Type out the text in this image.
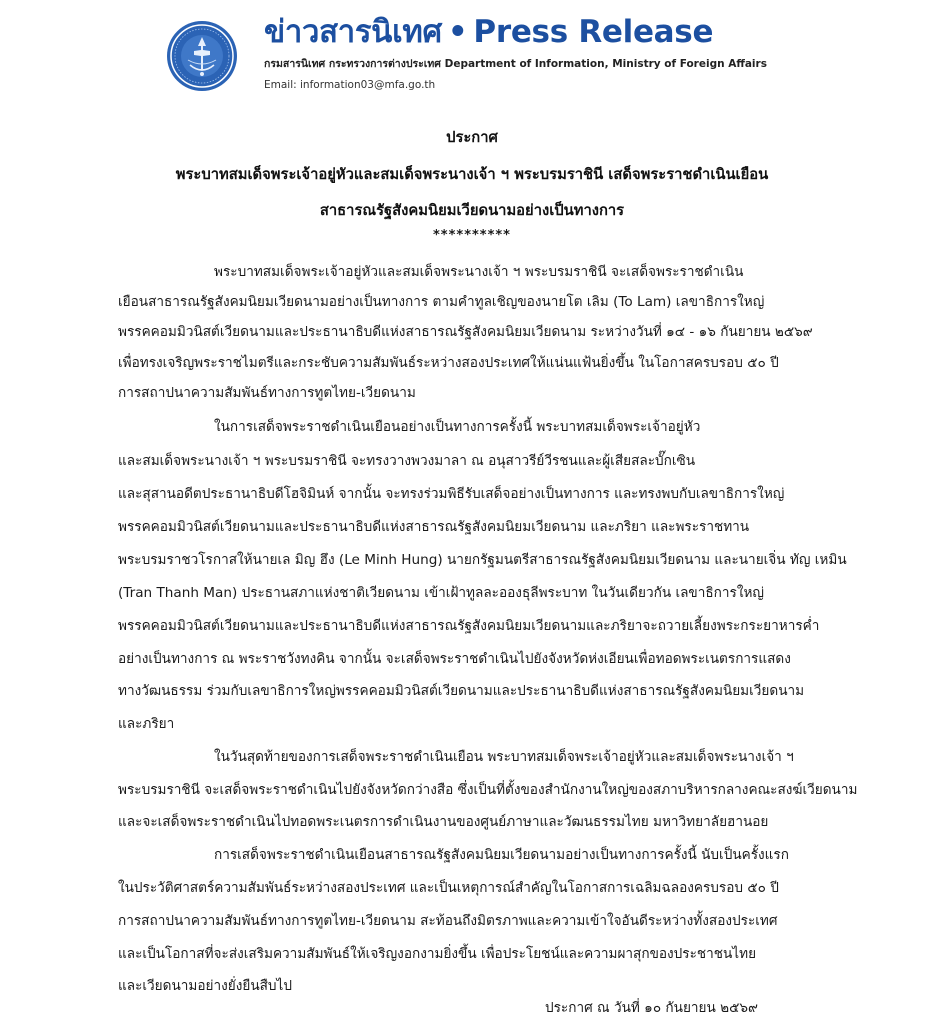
ข่าวสารนิเทศ • Press Release
กรมสารนิเทศ กระทรวงการต่างประเทศ Department of Information, Ministry of Foreign Affairs
Email: information03@mfa.go.th
ประกาศ
พระบาทสมเด็จพระเจ้าอยู่หัวและสมเด็จพระนางเจ้า ฯ พระบรมราชินี เสด็จพระราชดำเนินเยือน
สาธารณรัฐสังคมนิยมเวียดนามอย่างเป็นทางการ
**********
พระบาทสมเด็จพระเจ้าอยู่หัวและสมเด็จพระนางเจ้า ฯ พระบรมราชินี จะเสด็จพระราชดำเนิน
เยือนสาธารณรัฐสังคมนิยมเวียดนามอย่างเป็นทางการ ตามคำทูลเชิญของนายโต เลิม (To Lam) เลขาธิการใหญ่
พรรคคอมมิวนิสต์เวียดนามและประธานาธิบดีแห่งสาธารณรัฐสังคมนิยมเวียดนาม ระหว่างวันที่ ๑๔ - ๑๖ กันยายน ๒๕๖๙
เพื่อทรงเจริญพระราชไมตรีและกระชับความสัมพันธ์ระหว่างสองประเทศให้แน่นแฟ้นยิ่งขึ้น ในโอกาสครบรอบ ๕๐ ปี
การสถาปนาความสัมพันธ์ทางการทูตไทย-เวียดนาม
ในการเสด็จพระราชดำเนินเยือนอย่างเป็นทางการครั้งนี้ พระบาทสมเด็จพระเจ้าอยู่หัว
และสมเด็จพระนางเจ้า ฯ พระบรมราชินี จะทรงวางพวงมาลา ณ อนุสาวรีย์วีรชนและผู้เสียสละบั๊กเซิน
และสุสานอดีตประธานาธิบดีโฮจิมินห์ จากนั้น จะทรงร่วมพิธีรับเสด็จอย่างเป็นทางการ และทรงพบกับเลขาธิการใหญ่
พรรคคอมมิวนิสต์เวียดนามและประธานาธิบดีแห่งสาธารณรัฐสังคมนิยมเวียดนาม และภริยา และพระราชทาน
พระบรมราชวโรกาสให้นายเล มิญ ฮึง (Le Minh Hung) นายกรัฐมนตรีสาธารณรัฐสังคมนิยมเวียดนาม และนายเจิ่น ทัญ เหมิน
(Tran Thanh Man) ประธานสภาแห่งชาติเวียดนาม เข้าเฝ้าทูลละอองธุลีพระบาท ในวันเดียวกัน เลขาธิการใหญ่
พรรคคอมมิวนิสต์เวียดนามและประธานาธิบดีแห่งสาธารณรัฐสังคมนิยมเวียดนามและภริยาจะถวายเลี้ยงพระกระยาหารค่ำ
อย่างเป็นทางการ ณ พระราชวังทงคิน จากนั้น จะเสด็จพระราชดำเนินไปยังจังหวัดห่งเอียนเพื่อทอดพระเนตรการแสดง
ทางวัฒนธรรม ร่วมกับเลขาธิการใหญ่พรรคคอมมิวนิสต์เวียดนามและประธานาธิบดีแห่งสาธารณรัฐสังคมนิยมเวียดนาม
และภริยา
ในวันสุดท้ายของการเสด็จพระราชดำเนินเยือน พระบาทสมเด็จพระเจ้าอยู่หัวและสมเด็จพระนางเจ้า ฯ
พระบรมราชินี จะเสด็จพระราชดำเนินไปยังจังหวัดกว่างสือ ซึ่งเป็นที่ตั้งของสำนักงานใหญ่ของสภาบริหารกลางคณะสงฆ์เวียดนาม
และจะเสด็จพระราชดำเนินไปทอดพระเนตรการดำเนินงานของศูนย์ภาษาและวัฒนธรรมไทย มหาวิทยาลัยฮานอย
การเสด็จพระราชดำเนินเยือนสาธารณรัฐสังคมนิยมเวียดนามอย่างเป็นทางการครั้งนี้ นับเป็นครั้งแรก
ในประวัติศาสตร์ความสัมพันธ์ระหว่างสองประเทศ และเป็นเหตุการณ์สำคัญในโอกาสการเฉลิมฉลองครบรอบ ๕๐ ปี
การสถาปนาความสัมพันธ์ทางการทูตไทย-เวียดนาม สะท้อนถึงมิตรภาพและความเข้าใจอันดีระหว่างทั้งสองประเทศ
และเป็นโอกาสที่จะส่งเสริมความสัมพันธ์ให้เจริญงอกงามยิ่งขึ้น เพื่อประโยชน์และความผาสุกของประชาชนไทย
และเวียดนามอย่างยั่งยืนสืบไป
ประกาศ ณ วันที่ ๑๐ กันยายน ๒๕๖๙
